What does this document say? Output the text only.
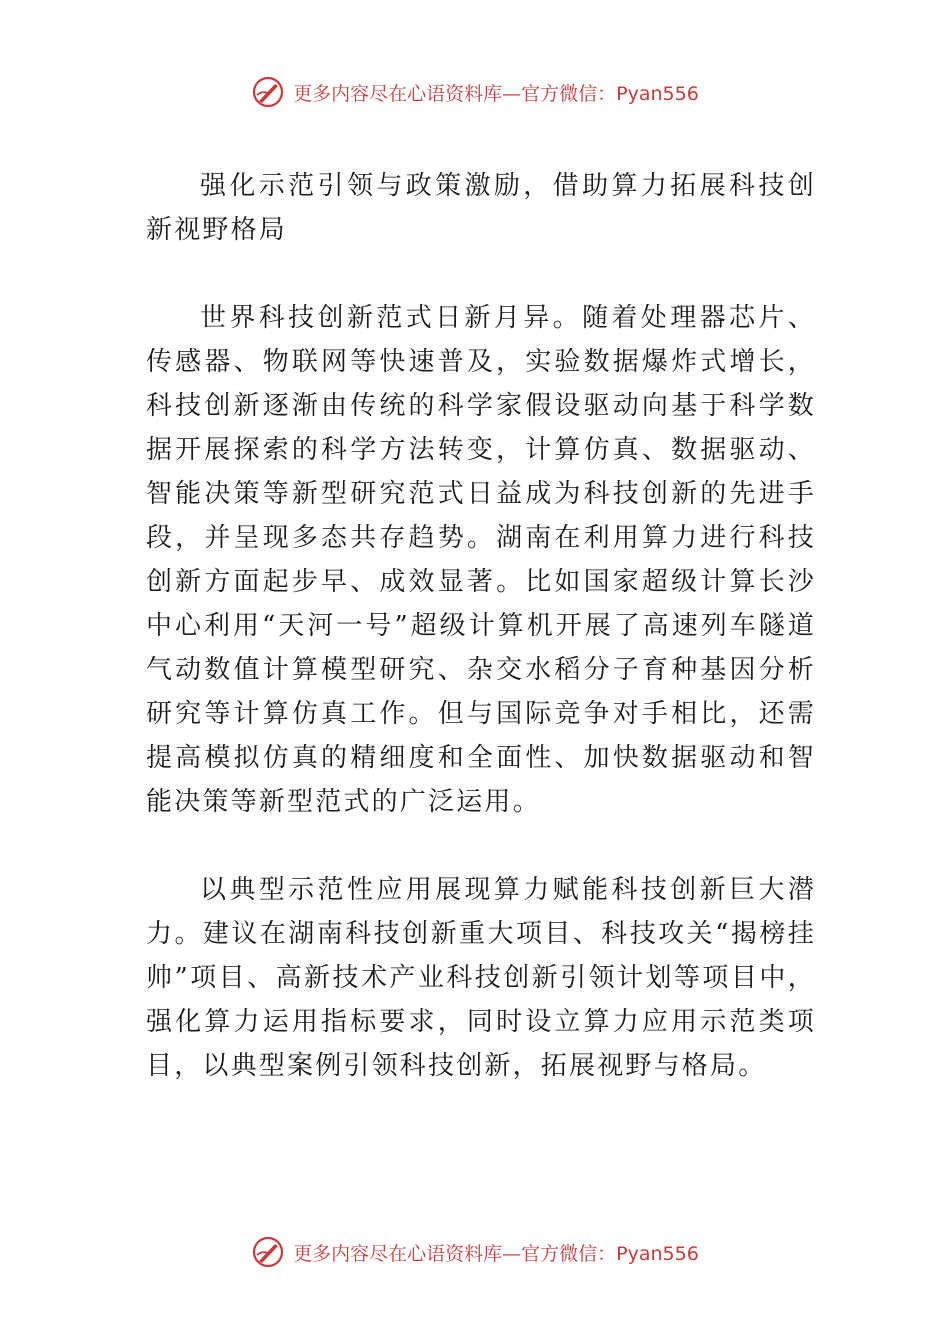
更多内容尽在心语资料库—官方微信：Pyan556

强化示范引领与政策激励，借助算力拓展科技创新视野格局

世界科技创新范式日新月异。随着处理器芯片、传感器、物联网等快速普及，实验数据爆炸式增长，科技创新逐渐由传统的科学家假设驱动向基于科学数据开展探索的科学方法转变，计算仿真、数据驱动、智能决策等新型研究范式日益成为科技创新的先进手段，并呈现多态共存趋势。湖南在利用算力进行科技创新方面起步早、成效显著。比如国家超级计算长沙中心利用“天河一号”超级计算机开展了高速列车隧道气动数值计算模型研究、杂交水稻分子育种基因分析研究等计算仿真工作。但与国际竞争对手相比，还需提高模拟仿真的精细度和全面性、加快数据驱动和智能决策等新型范式的广泛运用。

以典型示范性应用展现算力赋能科技创新巨大潜力。建议在湖南科技创新重大项目、科技攻关“揭榜挂帅”项目、高新技术产业科技创新引领计划等项目中，强化算力运用指标要求，同时设立算力应用示范类项目，以典型案例引领科技创新，拓展视野与格局。

更多内容尽在心语资料库—官方微信：Pyan556
